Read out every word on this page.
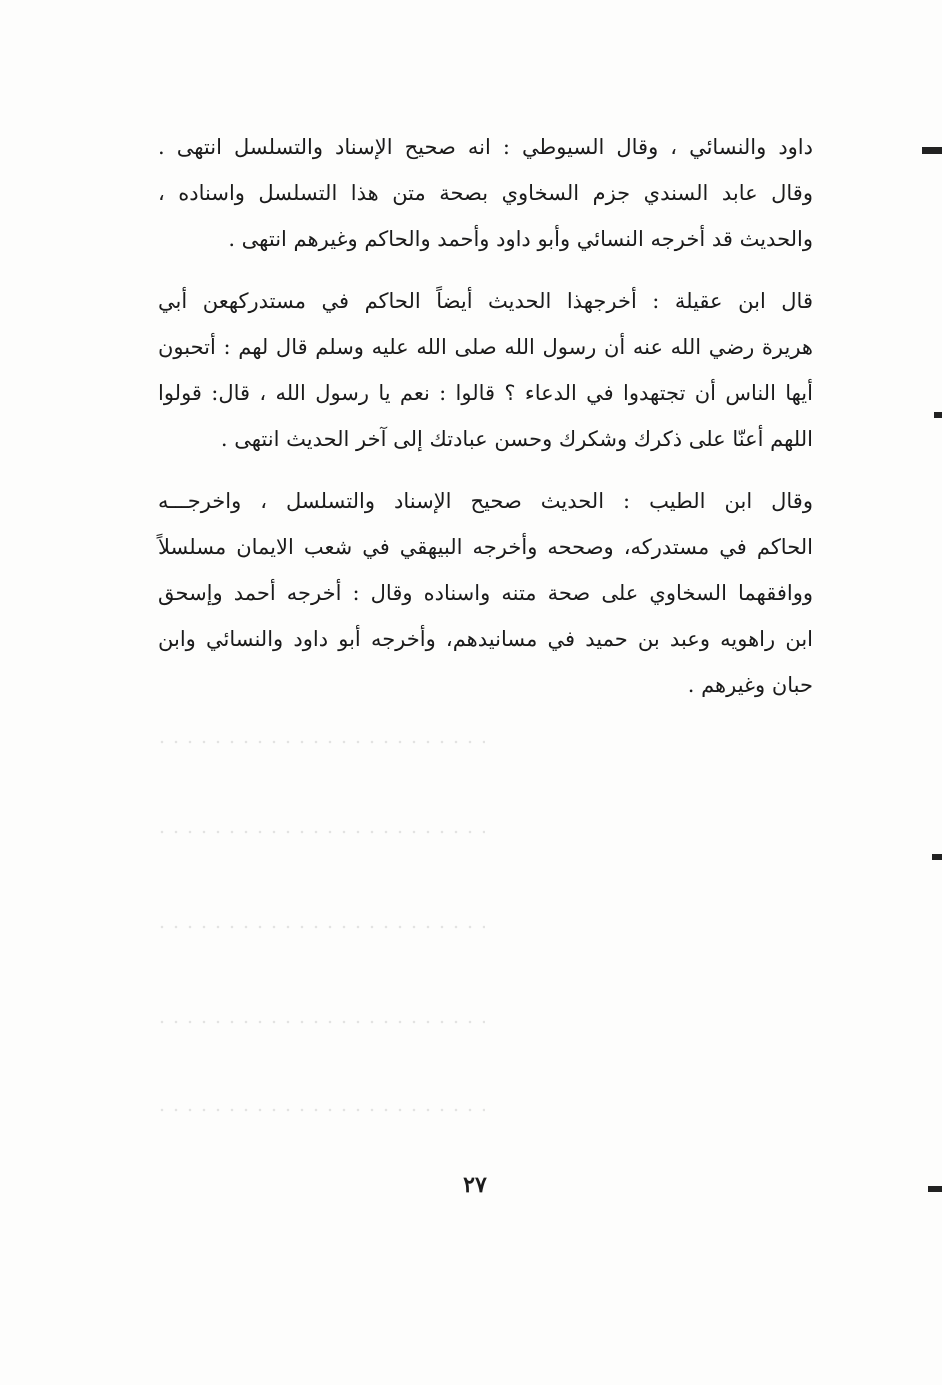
داود والنسائي ، وقال السيوطي : انه صحيح الإسناد والتسلسل انتهى .
وقال عابد السندي جزم السخاوي بصحة متن هذا التسلسل واسناده ،
والحديث قد أخرجه النسائي وأبو داود وأحمد والحاكم وغيرهم انتهى .
قال ابن عقيلة : أخرجهذا الحديث أيضاً الحاكم في مستدركهعن أبي
هريرة رضي الله عنه أن رسول الله صلى الله عليه وسلم قال لهم : أتحبون
أيها الناس أن تجتهدوا في الدعاء ؟ قالوا : نعم يا رسول الله ، قال: قولوا
اللهم أعنّا على ذكرك وشكرك وحسن عبادتك إلى آخر الحديث انتهى .
وقال ابن الطيب : الحديث صحيح الإسناد والتسلسل ، واخرجـــه
الحاكم في مستدركه، وصححه وأخرجه البيهقي في شعب الايمان مسلسلاً
ووافقهما السخاوي على صحة متنه واسناده وقال : أخرجه أحمد وإسحق
ابن راهويه وعبد بن حميد في مسانيدهم، وأخرجه أبو داود والنسائي وابن
حبان وغيرهم .
٢٧
